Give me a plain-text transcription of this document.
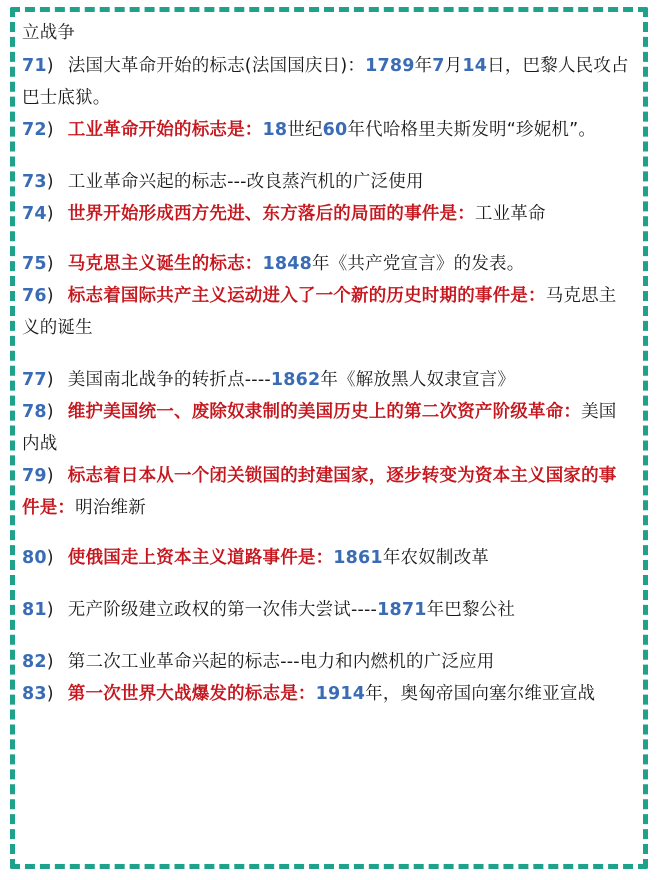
立战争

71) 法国大革命开始的标志(法国国庆日)：1789年7月14日，巴黎人民攻占巴士底狱。

72) 工业革命开始的标志是：18世纪60年代哈格里夫斯发明“珍妮机”。

73) 工业革命兴起的标志---改良蒸汽机的广泛使用

74) 世界开始形成西方先进、东方落后的局面的事件是：工业革命

75) 马克思主义诞生的标志：1848年《共产党宣言》的发表。

76) 标志着国际共产主义运动进入了一个新的历史时期的事件是：马克思主义的诞生

77) 美国南北战争的转折点----1862年《解放黑人奴隶宣言》

78) 维护美国统一、废除奴隶制的美国历史上的第二次资产阶级革命：美国内战

79) 标志着日本从一个闭关锁国的封建国家，逐步转变为资本主义国家的事件是：明治维新

80) 使俄国走上资本主义道路事件是：1861年农奴制改革

81) 无产阶级建立政权的第一次伟大尝试----1871年巴黎公社

82) 第二次工业革命兴起的标志---电力和内燃机的广泛应用

83) 第一次世界大战爆发的标志是：1914年，奥匈帝国向塞尔维亚宣战
